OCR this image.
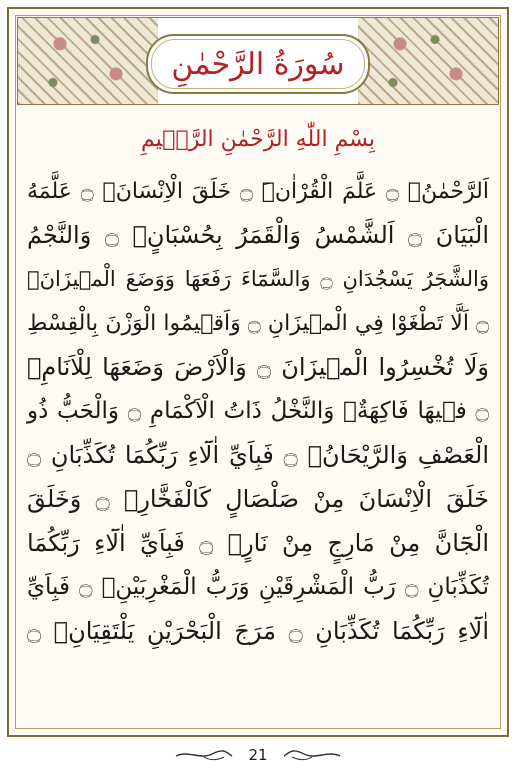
سُورَةُ الرَّحْمٰنِ
بِسْمِ اللّٰهِ الرَّحْمٰنِ الرَّح۪يمِ
اَلرَّحْمٰنُۙ ۝ عَلَّمَ الْقُرْاٰنَۜ ۝ خَلَقَ الْاِنْسَانَۙ ۝ عَلَّمَهُ
الْبَيَانَ ۝ اَلشَّمْسُ وَالْقَمَرُ بِحُسْبَانٍۙ ۝ وَالنَّجْمُ
وَالشَّجَرُ يَسْجُدَانِ ۝ وَالسَّمَٓاءَ رَفَعَهَا وَوَضَعَ الْم۪يزَانَۙ
۝ اَلَّا تَطْغَوْا فِي الْم۪يزَانِ ۝ وَاَق۪يمُوا الْوَزْنَ بِالْقِسْطِ
وَلَا تُخْسِرُوا الْم۪يزَانَ ۝ وَالْاَرْضَ وَضَعَهَا لِلْاَنَامِۙ
۝ ف۪يهَا فَاكِهَةٌۙ وَالنَّخْلُ ذَاتُ الْاَكْمَامِ ۝ وَالْحَبُّ ذُو
الْعَصْفِ وَالرَّيْحَانُۚ ۝ فَبِاَيِّ اٰلَٓاءِ رَبِّكُمَا تُكَذِّبَانِ ۝
خَلَقَ الْاِنْسَانَ مِنْ صَلْصَالٍ كَالْفَخَّارِۙ ۝ وَخَلَقَ
الْجَٓانَّ مِنْ مَارِجٍ مِنْ نَارٍۚ ۝ فَبِاَيِّ اٰلَٓاءِ رَبِّكُمَا
تُكَذِّبَانِ ۝ رَبُّ الْمَشْرِقَيْنِ وَرَبُّ الْمَغْرِبَيْنِۚ ۝ فَبِاَيِّ
اٰلَٓاءِ رَبِّكُمَا تُكَذِّبَانِ ۝ مَرَجَ الْبَحْرَيْنِ يَلْتَقِيَانِۙ ۝
21
